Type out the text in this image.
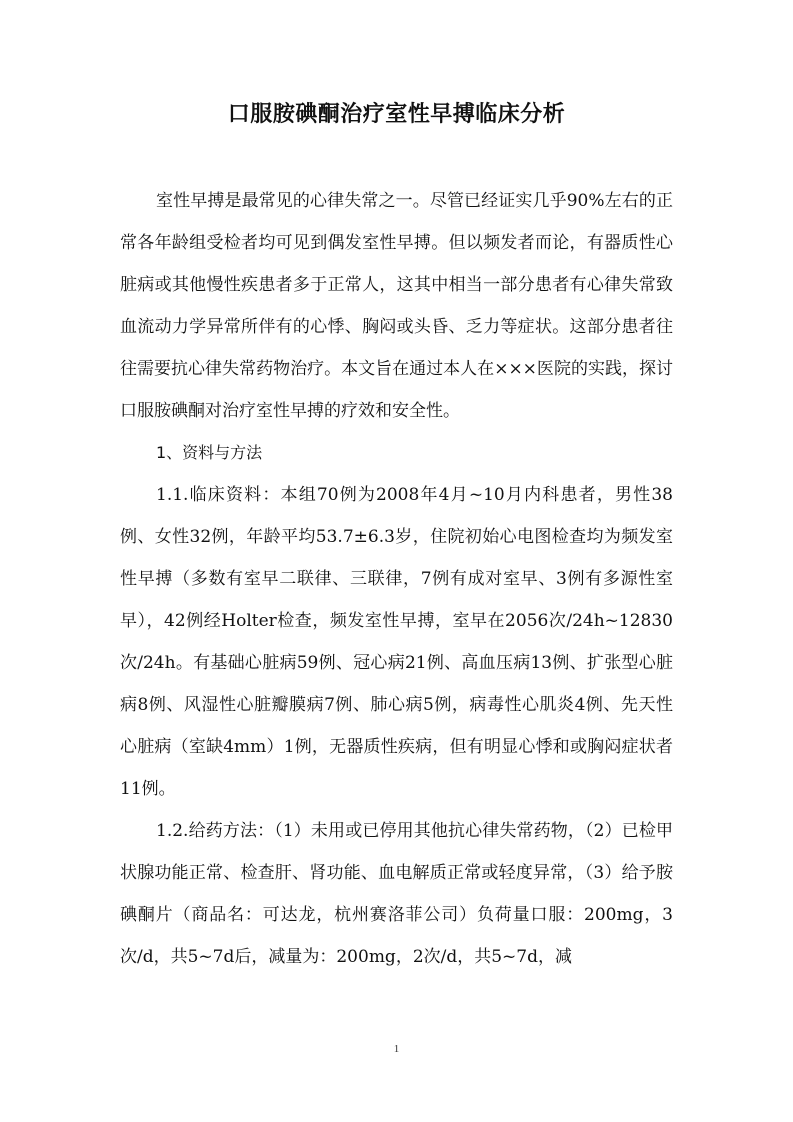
口服胺碘酮治疗室性早搏临床分析

室性早搏是最常见的心律失常之一。尽管已经证实几乎90%左右的正常各年龄组受检者均可见到偶发室性早搏。但以频发者而论，有器质性心脏病或其他慢性疾患者多于正常人，这其中相当一部分患者有心律失常致血流动力学异常所伴有的心悸、胸闷或头昏、乏力等症状。这部分患者往往需要抗心律失常药物治疗。本文旨在通过本人在×××医院的实践，探讨口服胺碘酮对治疗室性早搏的疗效和安全性。

1、资料与方法

1.1.临床资料：本组70例为2008年4月~10月内科患者，男性38例、女性32例，年龄平均53.7±6.3岁，住院初始心电图检查均为频发室性早搏（多数有室早二联律、三联律，7例有成对室早、3例有多源性室早），42例经Holter检查，频发室性早搏，室早在2056次/24h~12830次/24h。有基础心脏病59例、冠心病21例、高血压病13例、扩张型心脏病8例、风湿性心脏瓣膜病7例、肺心病5例，病毒性心肌炎4例、先天性心脏病（室缺4mm）1例，无器质性疾病，但有明显心悸和或胸闷症状者11例。

1.2.给药方法：（1）未用或已停用其他抗心律失常药物，（2）已检甲状腺功能正常、检查肝、肾功能、血电解质正常或轻度异常，（3）给予胺碘酮片（商品名：可达龙，杭州赛洛菲公司）负荷量口服：200mg，3次/d，共5~7d后，减量为：200mg，2次/d，共5~7d，减

1
